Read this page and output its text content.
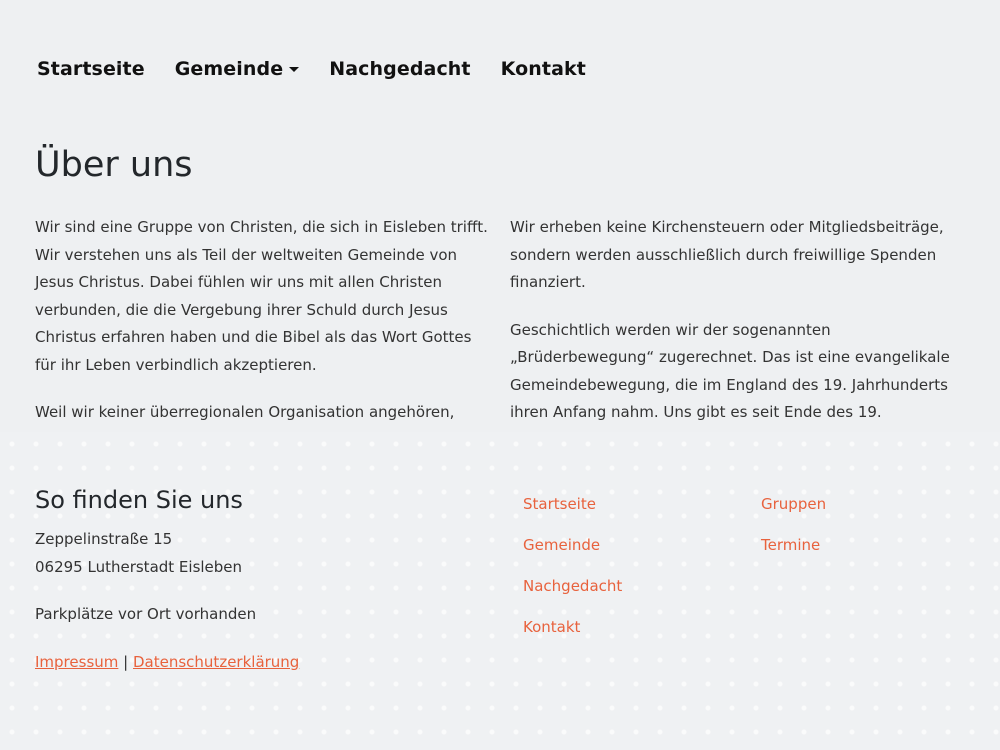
Startseite Gemeinde Nachgedacht Kontakt
Über uns

Wir sind eine Gruppe von Christen, die sich in Eisleben trifft. Wir verstehen uns als Teil der weltweiten Gemeinde von Jesus Christus. Dabei fühlen wir uns mit allen Christen verbunden, die die Vergebung ihrer Schuld durch Jesus Christus erfahren haben und die Bibel als das Wort Gottes für ihr Leben verbindlich akzeptieren.

Weil wir keiner überregionalen Organisation angehören,

Wir erheben keine Kirchensteuern oder Mitgliedsbeiträge, sondern werden ausschließlich durch freiwillige Spenden finanziert.

Geschichtlich werden wir der sogenannten „Brüderbewegung“ zugerechnet. Das ist eine evangelikale Gemeindebewegung, die im England des 19. Jahrhunderts ihren Anfang nahm. Uns gibt es seit Ende des 19.

So finden Sie uns
Zeppelinstraße 15
06295 Lutherstadt Eisleben
Parkplätze vor Ort vorhanden
Impressum | Datenschutzerklärung
Startseite
Gemeinde
Nachgedacht
Kontakt
Gruppen
Termine
